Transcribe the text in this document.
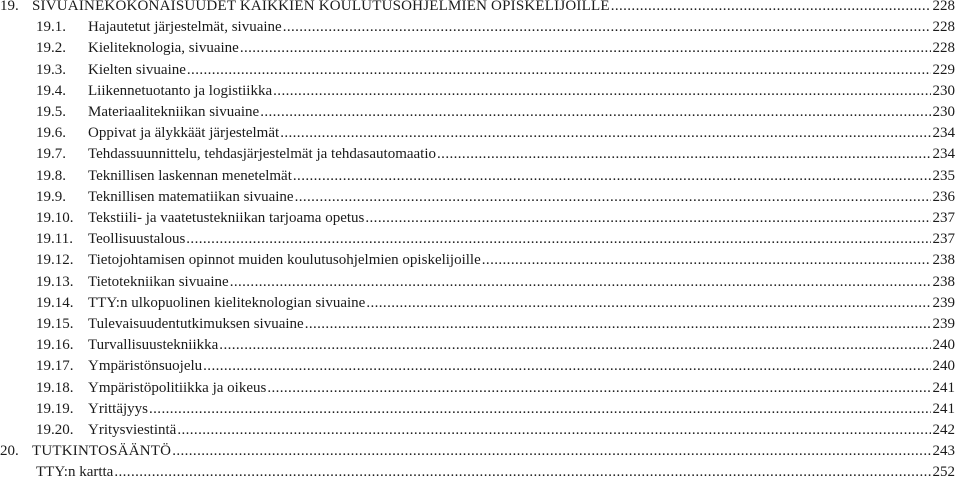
19. SIVUAINEKOKONAISUUDET KAIKKIEN KOULUTUSOHJELMIEN OPISKELIJOILLE .....	228
19.1.	Hajautetut järjestelmät, sivuaine .....	228
19.2.	Kieliteknologia, sivuaine .....	228
19.3.	Kielten sivuaine .....	229
19.4.	Liikennetuotanto ja logistiikka .....	230
19.5.	Materiaalitekniikan sivuaine .....	230
19.6.	Oppivat ja älykkäät järjestelmät .....	234
19.7.	Tehdassuunnittelu, tehdasjärjestelmät ja tehdasautomaatio .....	234
19.8.	Teknillisen laskennan menetelmät .....	235
19.9.	Teknillisen matematiikan sivuaine .....	236
19.10. Tekstiili- ja vaatetustekniikan tarjoama opetus .....	237
19.11.	Teollisuustalous .....	237
19.12. Tietojohtamisen opinnot muiden koulutusohjelmien opiskelijoille .....	238
19.13. Tietotekniikan sivuaine .....	238
19.14. TTY:n ulkopuolinen kieliteknologian sivuaine .....	239
19.15. Tulevaisuudentutkimuksen sivuaine .....	239
19.16. Turvallisuustekniikka .....	240
19.17. Ympäristönsuojelu .....	240
19.18. Ympäristöpolitiikka ja oikeus .....	241
19.19. Yrittäjyys .....	241
19.20. Yritysviestintä .....	242
20. TUTKINTOSÄÄNTÖ .....	243
TTY:n kartta .....	252
